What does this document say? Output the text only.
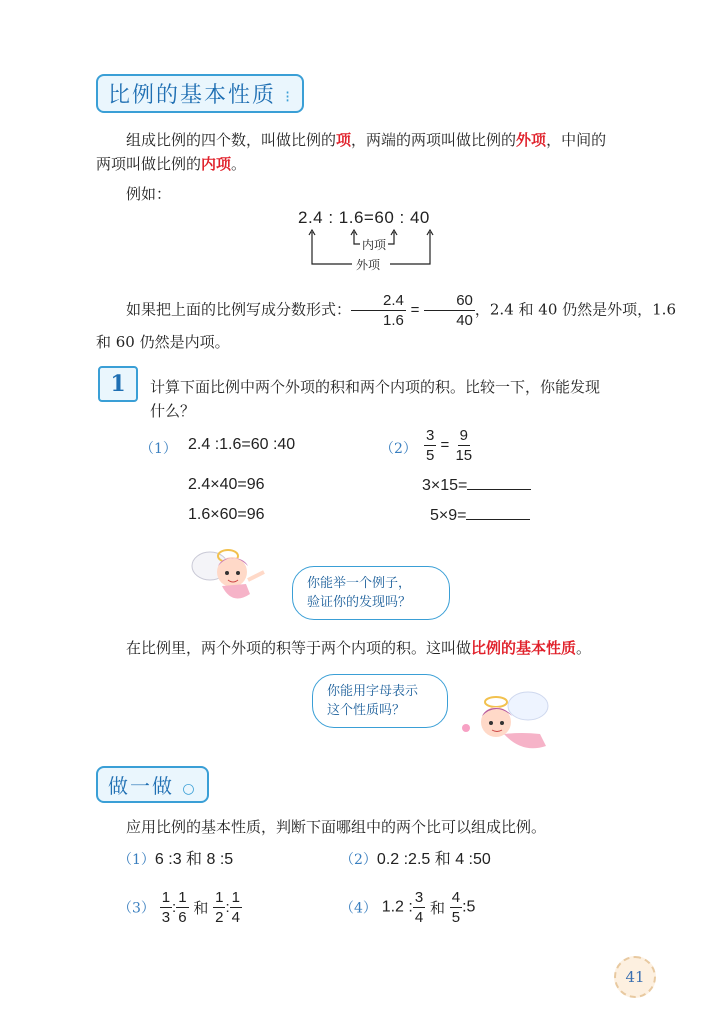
比例的基本性质 ⁝
组成比例的四个数，叫做比例的项，两端的两项叫做比例的外项，中间的
两项叫做比例的内项。
例如：
2.4 : 1.6=60 : 40
内项
外项
如果把上面的比例写成分数形式： $\frac{2.4}{1.6} = \frac{60}{40}$ ，2.4 和 40 仍然是外项，1.6
和 60 仍然是内项。
1	计算下面比例中两个外项的积和两个内项的积。比较一下，你能发现
什么？
（1） 2.4 :1.6=60 :40
2.4×40=96
1.6×60=96
$(2) \frac{3}{5} = \frac{9}{15}$
3×15=
5×9=
你能举一个例子，
验证你的发现吗？
在比例里，两个外项的积等于两个内项的积。这叫做比例的基本性质。
你能用字母表示
这个性质吗？
做一做 ○
应用比例的基本性质，判断下面哪组中的两个比可以组成比例。
（1）6 :3 和 8 :5	（2）0.2 :2.5 和 4 :50
$(3) \frac{1}{3}$ : $\frac{1}{6}$ 和 $\frac{1}{2}$ : $\frac{1}{4}$	（4） 1.2 : $\frac{3}{4}$ 和 $\frac{4}{5}$ :5
41
